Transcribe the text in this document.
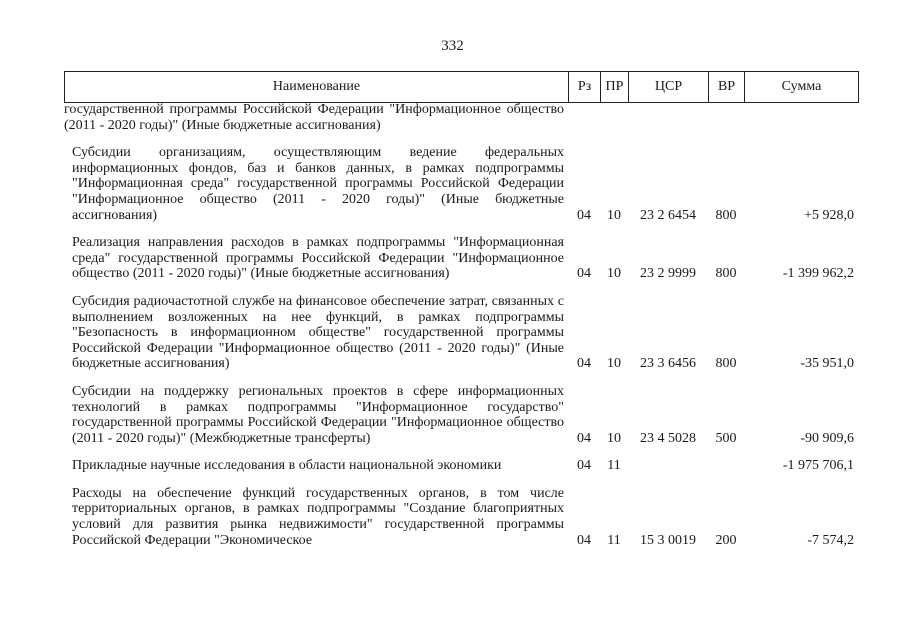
332
Наименование	Рз	ПР	ЦСР	ВР	Сумма
государственной программы Российской Федерации "Информационное общество (2011 - 2020 годы)" (Иные бюджетные ассигнования)					

Субсидии организациям, осуществляющим ведение федеральных информационных фондов, баз и банков данных, в рамках подпрограммы "Информационная среда" государственной программы Российской Федерации "Информационное общество (2011 - 2020 годы)" (Иные бюджетные ассигнования)	04	10	23 2 6454	800	+5 928,0

Реализация направления расходов в рамках подпрограммы "Информационная среда" государственной программы Российской Федерации "Информационное общество (2011 - 2020 годы)" (Иные бюджетные ассигнования)	04	10	23 2 9999	800	-1 399 962,2

Субсидия радиочастотной службе на финансовое обеспечение затрат, связанных с выполнением возложенных на нее функций, в рамках подпрограммы "Безопасность в информационном обществе" государственной программы Российской Федерации "Информационное общество (2011 - 2020 годы)" (Иные бюджетные ассигнования)	04	10	23 3 6456	800	-35 951,0

Субсидии на поддержку региональных проектов в сфере информационных технологий в рамках подпрограммы "Информационное государство" государственной программы Российской Федерации "Информационное общество (2011 - 2020 годы)" (Межбюджетные трансферты)	04	10	23 4 5028	500	-90 909,6

Прикладные научные исследования в области национальной экономики	04	11			-1 975 706,1

Расходы на обеспечение функций государственных органов, в том числе территориальных органов, в рамках подпрограммы "Создание благоприятных условий для развития рынка недвижимости" государственной программы Российской Федерации "Экономическое	04	11	15 3 0019	200	-7 574,2
